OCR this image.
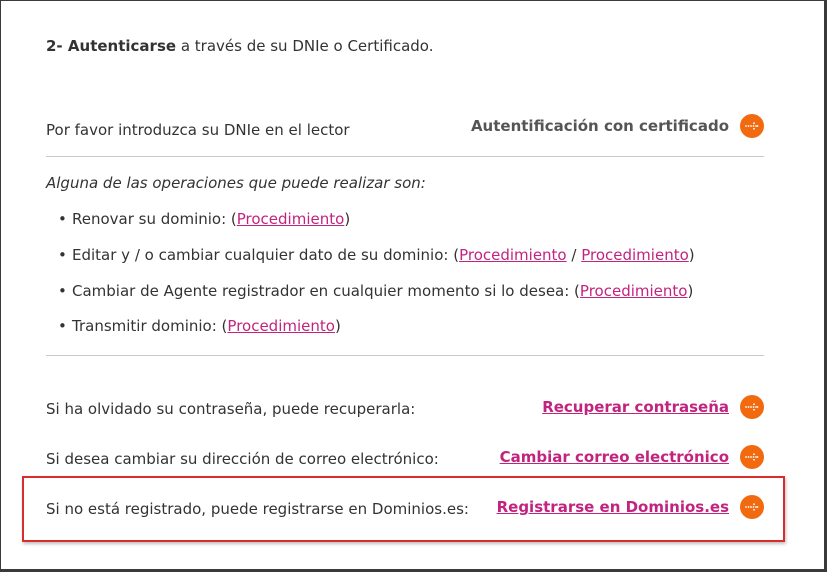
2- Autenticarse a través de su DNIe o Certificado.
Por favor introduzca su DNIe en el lector	Autentificación con certificado
Alguna de las operaciones que puede realizar son:
• Renovar su dominio: (Procedimiento)
• Editar y / o cambiar cualquier dato de su dominio: (Procedimiento / Procedimiento)
• Cambiar de Agente registrador en cualquier momento si lo desea: (Procedimiento)
• Transmitir dominio: (Procedimiento)
Si ha olvidado su contraseña, puede recuperarla:	Recuperar contraseña
Si desea cambiar su dirección de correo electrónico:	Cambiar correo electrónico
Si no está registrado, puede registrarse en Dominios.es: Registrarse en Dominios.es
